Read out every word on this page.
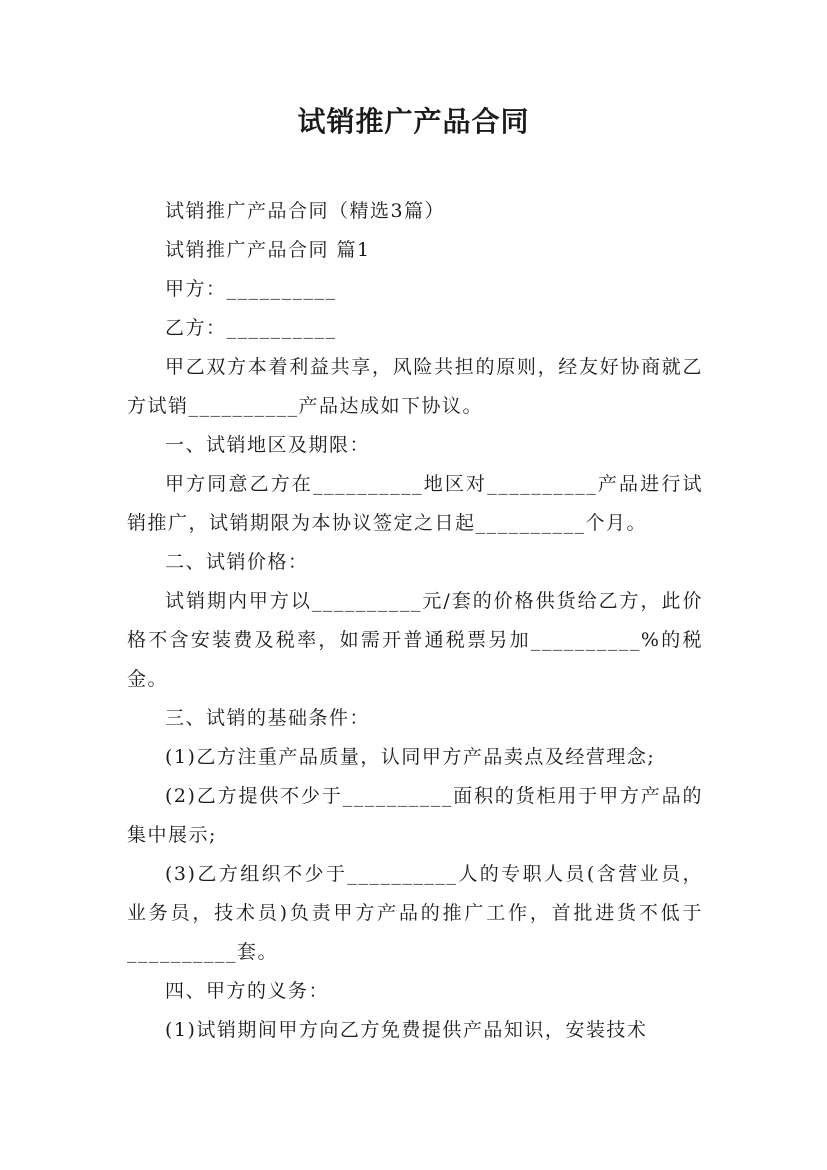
试销推广产品合同

试销推广产品合同（精选3篇）

试销推广产品合同 篇1

甲方：__________

乙方：__________

甲乙双方本着利益共享，风险共担的原则，经友好协商就乙方试销__________产品达成如下协议。

一、试销地区及期限：

甲方同意乙方在__________地区对__________产品进行试销推广，试销期限为本协议签定之日起__________个月。

二、试销价格：

试销期内甲方以__________元/套的价格供货给乙方，此价格不含安装费及税率，如需开普通税票另加__________%的税金。

三、试销的基础条件：

(1)乙方注重产品质量，认同甲方产品卖点及经营理念;

(2)乙方提供不少于__________面积的货柜用于甲方产品的集中展示;

(3)乙方组织不少于__________人的专职人员(含营业员，业务员，技术员)负责甲方产品的推广工作，首批进货不低于__________套。

四、甲方的义务：

(1)试销期间甲方向乙方免费提供产品知识，安装技术
